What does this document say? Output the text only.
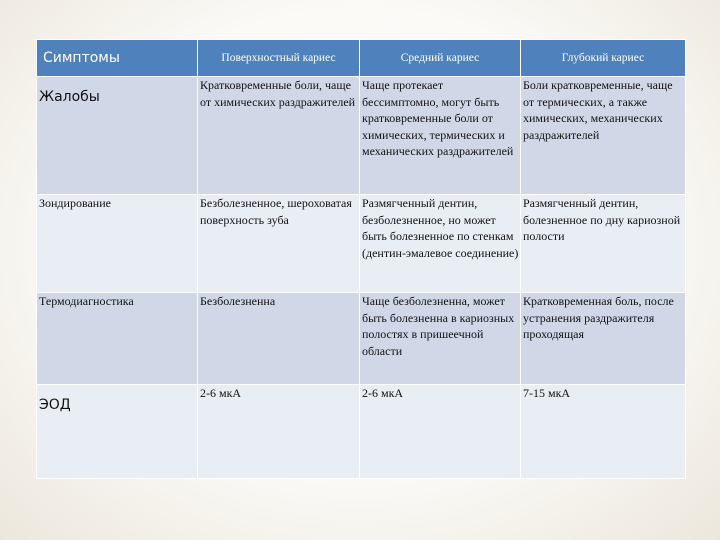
Симптомы	Поверхностный кариес	Средний кариес	Глубокий кариес
Жалобы	Кратковременные боли, чаще от химических раздражителей	Чаще протекает бессимптомно, могут быть кратковременные боли от химических, термических и механических раздражителей	Боли кратковременные, чаще от термических, а также химических, механических раздражителей
Зондирование	Безболезненное, шероховатая поверхность зуба	Размягченный дентин, безболезненное, но может быть болезненное по стенкам (дентин-эмалевое соединение)	Размягченный дентин, болезненное по дну кариозной полости
Термодиагностика	Безболезненна	Чаще безболезненна, может быть болезненна в кариозных полостях в пришеечной области	Кратковременная боль, после устранения раздражителя проходящая
ЭОД	2-6 мкА	2-6 мкА	7-15 мкА
